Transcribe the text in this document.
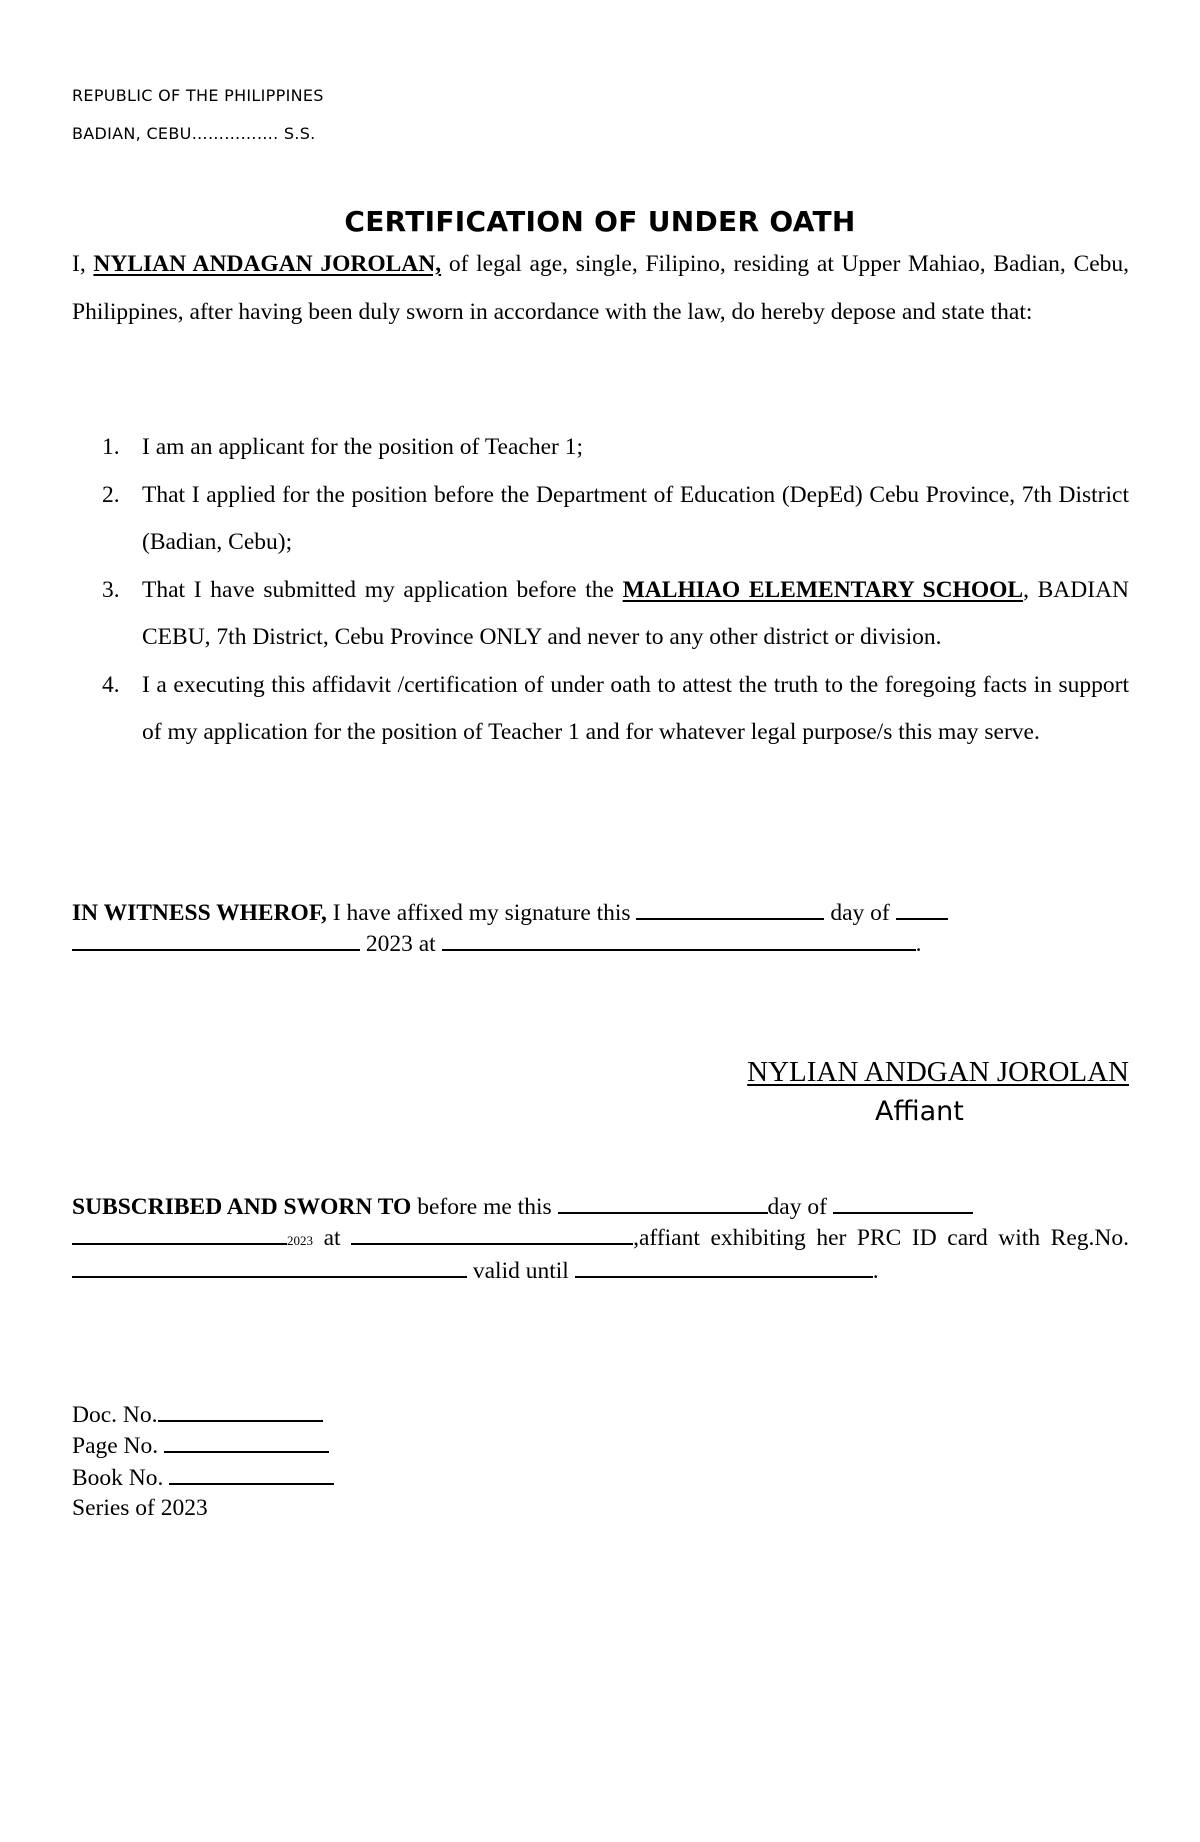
REPUBLIC OF THE PHILIPPINES
BADIAN, CEBU……………. S.S.
CERTIFICATION OF UNDER OATH
I, NYLIAN ANDAGAN JOROLAN, of legal age, single, Filipino, residing at Upper Mahiao, Badian, Cebu, Philippines, after having been duly sworn in accordance with the law, do hereby depose and state that:
1. I am an applicant for the position of Teacher 1;
2. That I applied for the position before the Department of Education (DepEd) Cebu Province, 7th District (Badian, Cebu);
3. That I have submitted my application before the MALHIAO ELEMENTARY SCHOOL, BADIAN CEBU, 7th District, Cebu Province ONLY and never to any other district or division.
4. I a executing this affidavit /certification of under oath to attest the truth to the foregoing facts in support of my application for the position of Teacher 1 and for whatever legal purpose/s this may serve.
IN WITNESS WHEROF, I have affixed my signature this	day of
2023 at	.
NYLIAN ANDGAN JOROLAN
Affiant
SUBSCRIBED AND SWORN TO before me this	day of
2023 at	,affiant exhibiting her PRC ID card with Reg.No.  valid until	.
Doc. No.
Page No.
Book No.
Series of 2023
